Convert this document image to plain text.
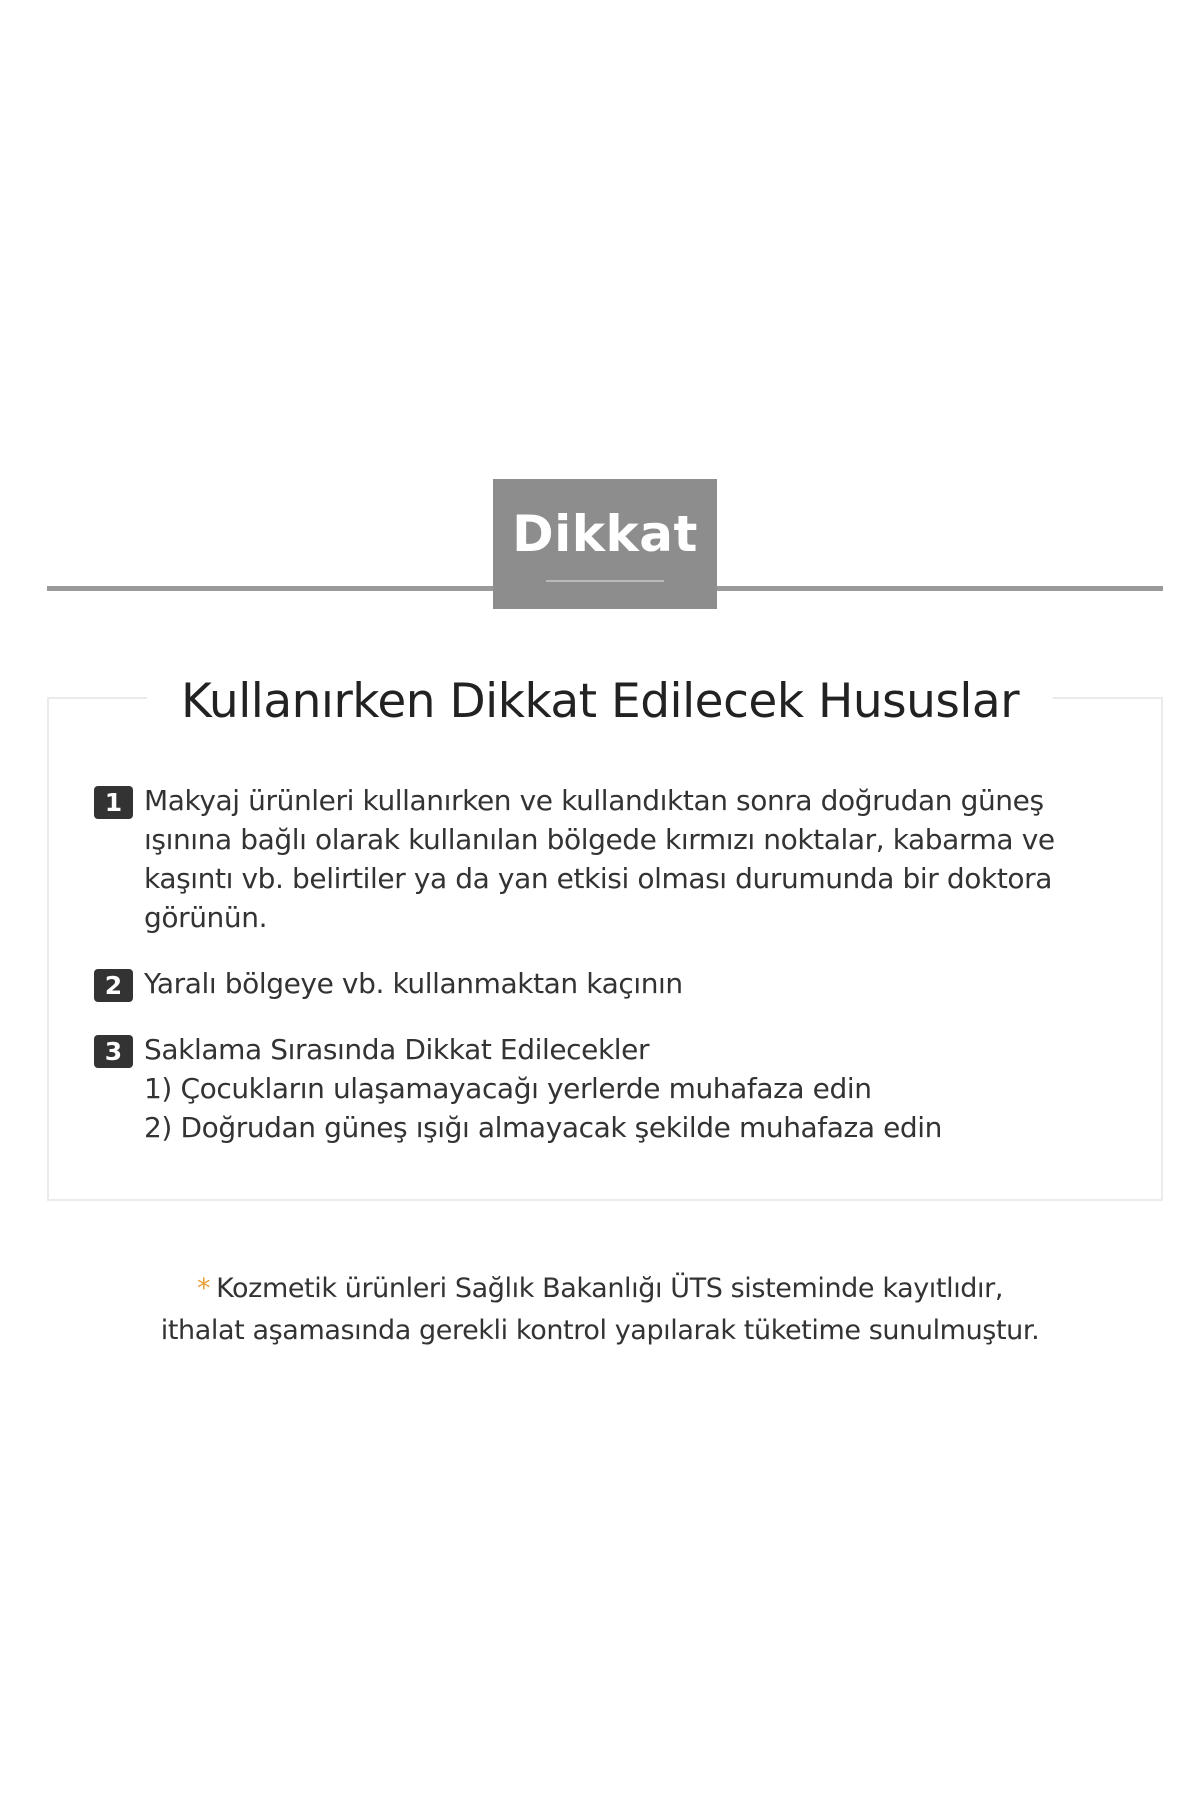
Dikkat
Kullanırken Dikkat Edilecek Hususlar
1 Makyaj ürünleri kullanırken ve kullandıktan sonra doğrudan güneş
ışınına bağlı olarak kullanılan bölgede kırmızı noktalar, kabarma ve
kaşıntı vb. belirtiler ya da yan etkisi olması durumunda bir doktora
görünün.
2 Yaralı bölgeye vb. kullanmaktan kaçının
3 Saklama Sırasında Dikkat Edilecekler
1) Çocukların ulaşamayacağı yerlerde muhafaza edin
2) Doğrudan güneş ışığı almayacak şekilde muhafaza edin
* Kozmetik ürünleri Sağlık Bakanlığı ÜTS sisteminde kayıtlıdır,
ithalat aşamasında gerekli kontrol yapılarak tüketime sunulmuştur.
